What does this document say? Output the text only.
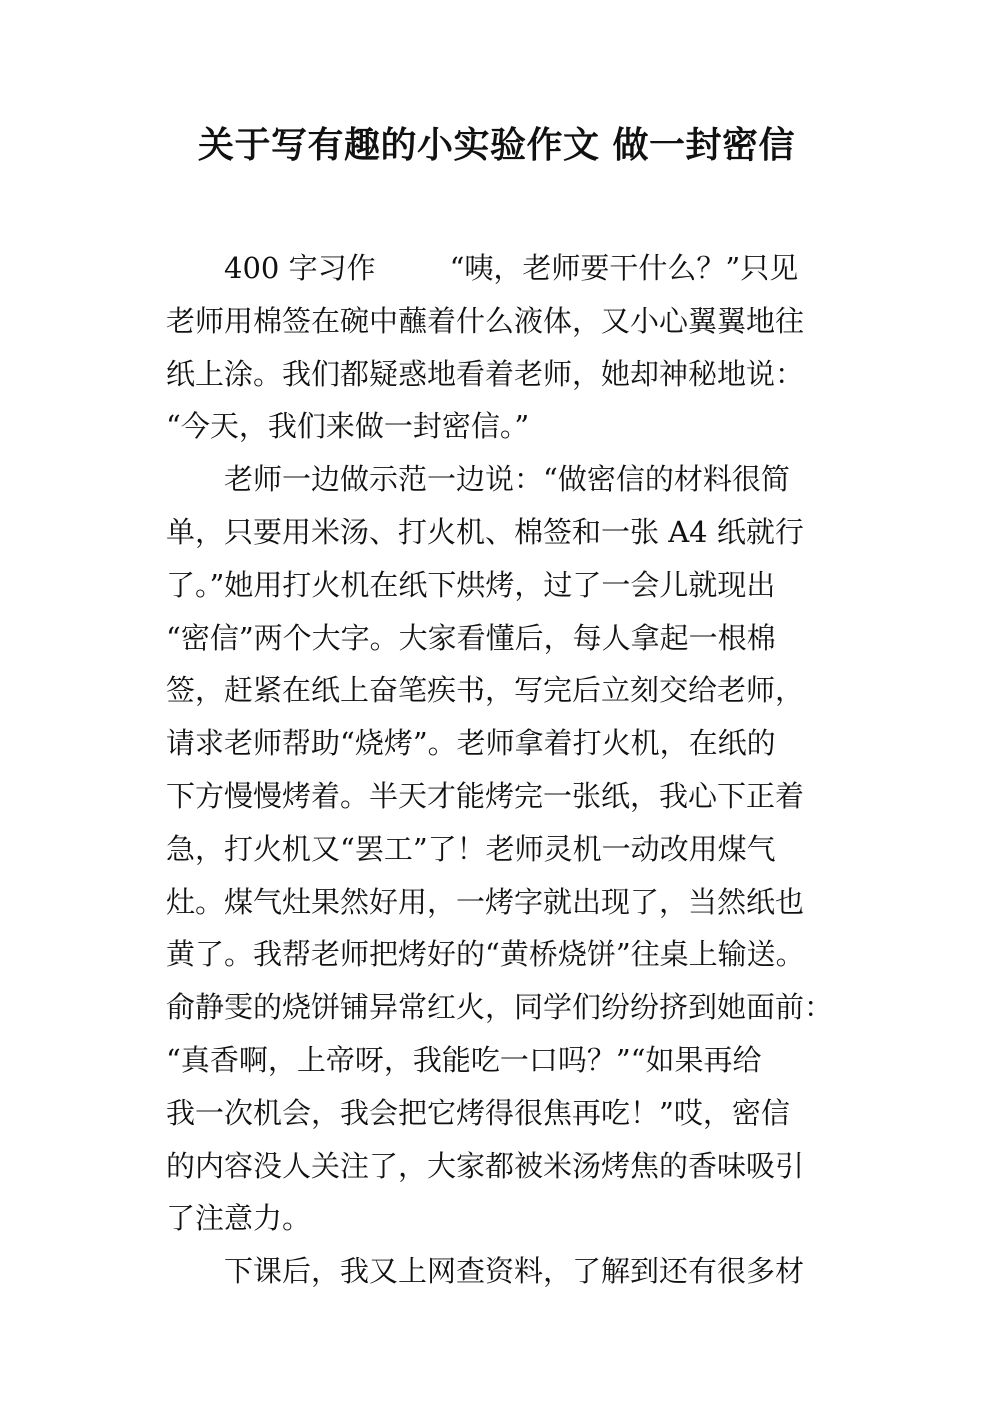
关于写有趣的小实验作文 做一封密信
400 字习作	“咦，老师要干什么？”只见
老师用棉签在碗中蘸着什么液体，又小心翼翼地往
纸上涂。我们都疑惑地看着老师，她却神秘地说：
“今天，我们来做一封密信。”
老师一边做示范一边说：“做密信的材料很简
单，只要用米汤、打火机、棉签和一张 A4 纸就行
了。”她用打火机在纸下烘烤，过了一会儿就现出
“密信”两个大字。大家看懂后，每人拿起一根棉
签，赶紧在纸上奋笔疾书，写完后立刻交给老师，
请求老师帮助“烧烤”。老师拿着打火机，在纸的
下方慢慢烤着。半天才能烤完一张纸，我心下正着
急，打火机又“罢工”了！老师灵机一动改用煤气
灶。煤气灶果然好用，一烤字就出现了，当然纸也
黄了。我帮老师把烤好的“黄桥烧饼”往桌上输送。
俞静雯的烧饼铺异常红火，同学们纷纷挤到她面前：
“真香啊，上帝呀，我能吃一口吗？”“如果再给
我一次机会，我会把它烤得很焦再吃！”哎，密信
的内容没人关注了，大家都被米汤烤焦的香味吸引
了注意力。
下课后，我又上网查资料，了解到还有很多材
